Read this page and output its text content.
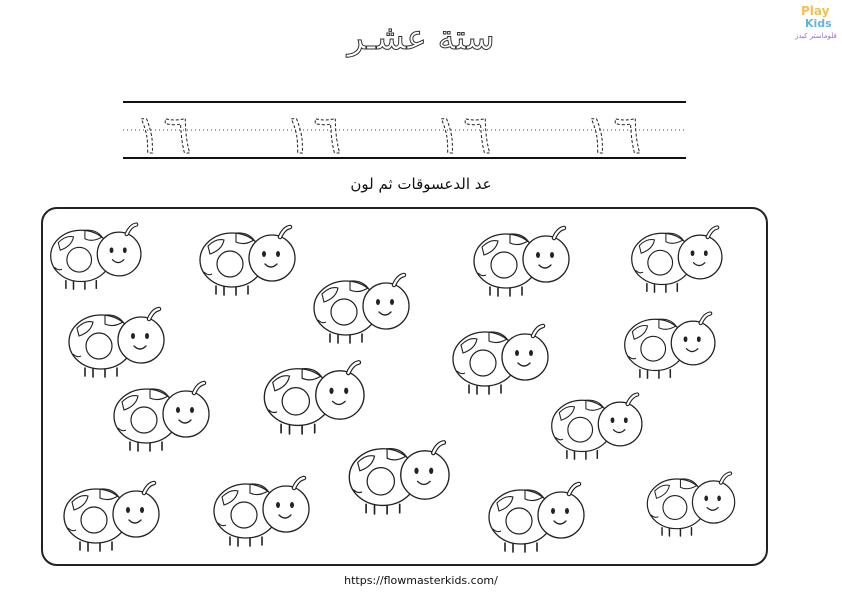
ستة عشـر
Play
Kids
فلوماستر كيدز
١٦ ١٦ ١٦ ١٦
عد الدعسوقات ثم لون
https://flowmasterkids.com/
